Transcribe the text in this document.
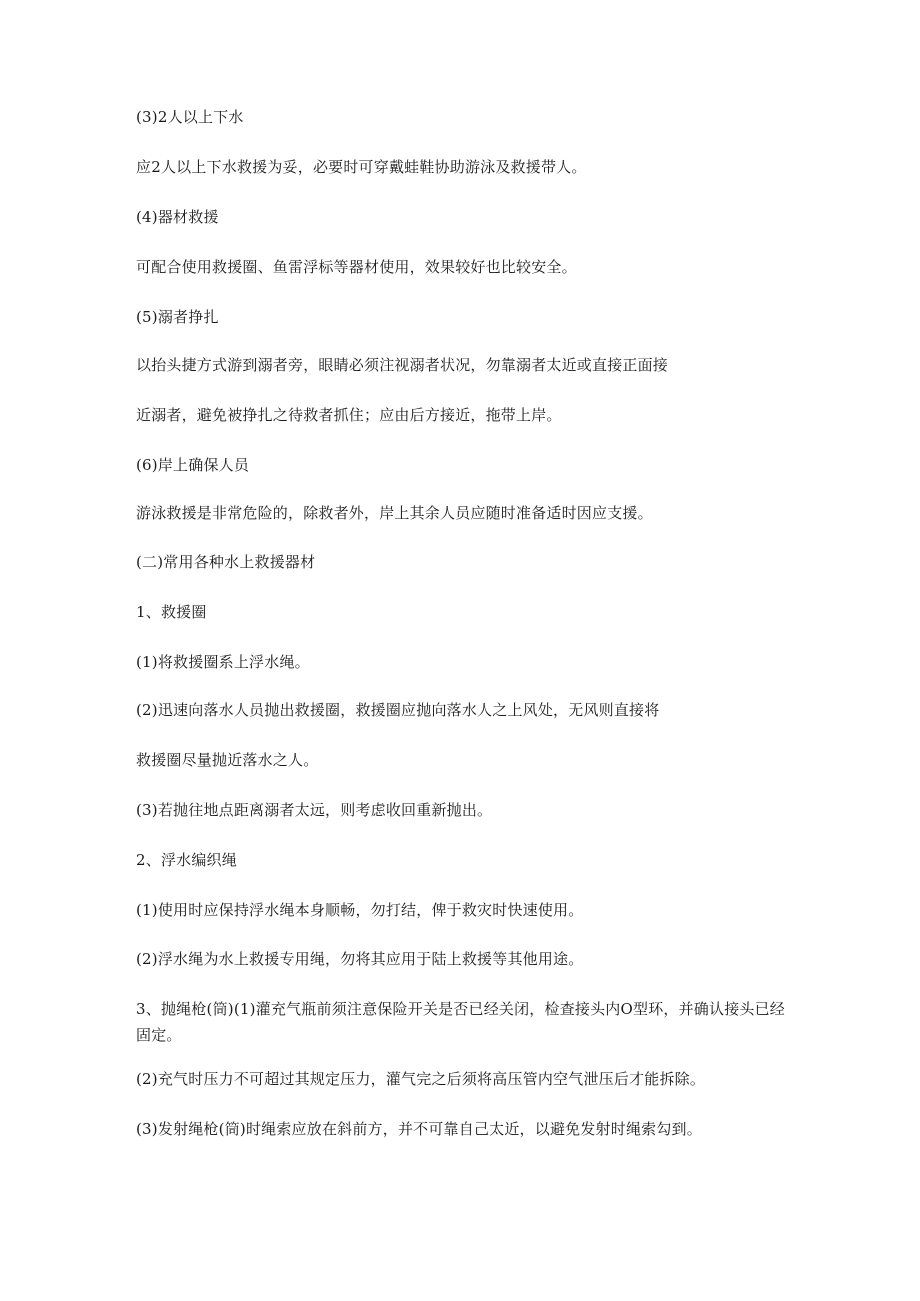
(3)2人以上下水
应2人以上下水救援为妥，必要时可穿戴蛙鞋协助游泳及救援带人。
(4)器材救援
可配合使用救援圈、鱼雷浮标等器材使用，效果较好也比较安全。
(5)溺者挣扎
以抬头捷方式游到溺者旁，眼睛必须注视溺者状况，勿靠溺者太近或直接正面接
近溺者，避免被挣扎之待救者抓住；应由后方接近，拖带上岸。
(6)岸上确保人员
游泳救援是非常危险的，除救者外，岸上其余人员应随时准备适时因应支援。
(二)常用各种水上救援器材
1、救援圈
(1)将救援圈系上浮水绳。
(2)迅速向落水人员抛出救援圈，救援圈应抛向落水人之上风处，无风则直接将
救援圈尽量抛近落水之人。
(3)若抛往地点距离溺者太远，则考虑收回重新抛出。
2、浮水编织绳
(1)使用时应保持浮水绳本身顺畅，勿打结，俾于救灾时快速使用。
(2)浮水绳为水上救援专用绳，勿将其应用于陆上救援等其他用途。
3、抛绳枪(筒)(1)灌充气瓶前须注意保险开关是否已经关闭，检查接头内O型环，并确认接头已经固定。
(2)充气时压力不可超过其规定压力，灌气完之后须将高压管内空气泄压后才能拆除。
(3)发射绳枪(筒)时绳索应放在斜前方，并不可靠自己太近，以避免发射时绳索勾到。
